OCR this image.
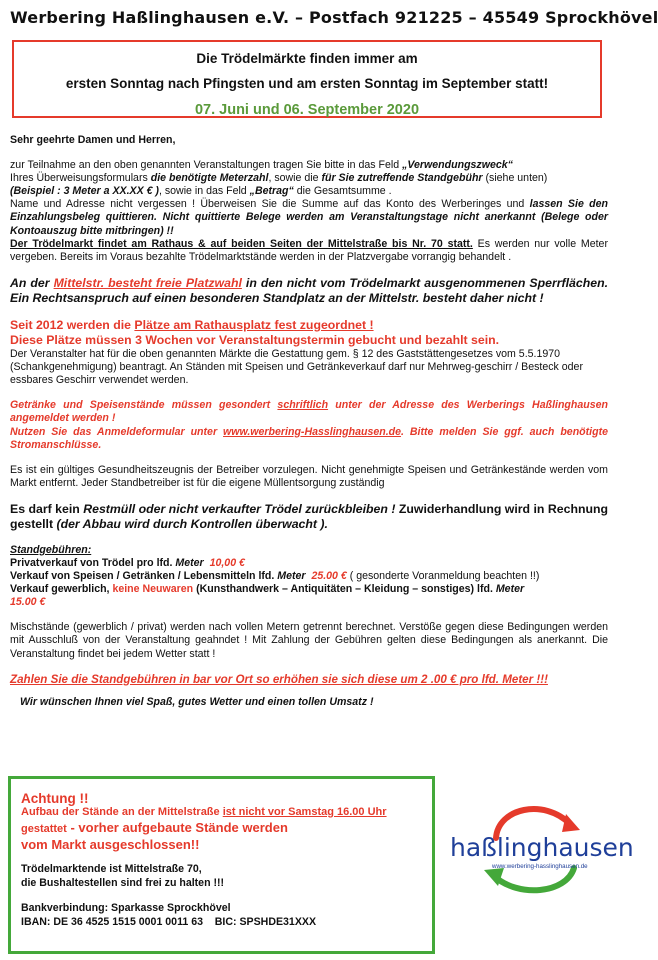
Werbering Haßlinghausen e.V. – Postfach 921225 – 45549 Sprockhövel
Die Trödelmärkte finden immer am
ersten Sonntag nach Pfingsten und am ersten Sonntag im September statt!
07. Juni und 06. September 2020

Sehr geehrte Damen und Herren,

zur Teilnahme an den oben genannten Veranstaltungen tragen Sie bitte in das Feld „Verwendungszweck“
Ihres Überweisungsformulars die benötigte Meterzahl, sowie die für Sie zutreffende Standgebühr (siehe unten)
(Beispiel : 3 Meter a XX.XX € ), sowie in das Feld „Betrag“ die Gesamtsumme .
Name und Adresse nicht vergessen ! Überweisen Sie die Summe auf das Konto des Werberinges und lassen Sie den Einzahlungsbeleg quittieren. Nicht quittierte Belege werden am Veranstaltungstage nicht anerkannt (Belege oder Kontoauszug bitte mitbringen) !!
Der Trödelmarkt findet am Rathaus & auf beiden Seiten der Mittelstraße bis Nr. 70 statt. Es werden nur volle Meter vergeben. Bereits im Voraus bezahlte Trödelmarktstände werden in der Platzvergabe vorrangig behandelt .

An der Mittelstr. besteht freie Platzwahl in den nicht vom Trödelmarkt ausgenommenen Sperrflächen. Ein Rechtsanspruch auf einen besonderen Standplatz an der Mittelstr. besteht daher nicht !

Seit 2012 werden die Plätze am Rathausplatz fest zugeordnet !
Diese Plätze müssen 3 Wochen vor Veranstaltungstermin gebucht und bezahlt sein.
Der Veranstalter hat für die oben genannten Märkte die Gestattung gem. § 12 des Gaststättengesetzes vom 5.5.1970 (Schankgenehmigung) beantragt. An Ständen mit Speisen und Getränkeverkauf darf nur Mehrweg-geschirr / Besteck oder essbares Geschirr verwendet werden.

Getränke und Speisenstände müssen gesondert schriftlich unter der Adresse des Werberings Haßlinghausen angemeldet werden !
Nutzen Sie das Anmeldeformular unter www.werbering-Hasslinghausen.de. Bitte melden Sie ggf. auch benötigte Stromanschlüsse.

Es ist ein gültiges Gesundheitszeugnis der Betreiber vorzulegen. Nicht genehmigte Speisen und Getränkestände werden vom Markt entfernt. Jeder Standbetreiber ist für die eigene Müllentsorgung zuständig

Es darf kein Restmüll oder nicht verkaufter Trödel zurückbleiben ! Zuwiderhandlung wird in Rechnung gestellt (der Abbau wird durch Kontrollen überwacht ).

Standgebühren:
Privatverkauf von Trödel pro lfd. Meter 10,00 €
Verkauf von Speisen / Getränken / Lebensmitteln lfd. Meter 25.00 € ( gesonderte Voranmeldung beachten !!)
Verkauf gewerblich, keine Neuwaren (Kunsthandwerk – Antiquitäten – Kleidung – sonstiges) lfd. Meter
15.00 €

Mischstände (gewerblich / privat) werden nach vollen Metern getrennt berechnet. Verstöße gegen diese Bedingungen werden mit Ausschluß von der Veranstaltung geahndet ! Mit Zahlung der Gebühren gelten diese Bedingungen als anerkannt. Die Veranstaltung findet bei jedem Wetter statt !

Zahlen Sie die Standgebühren in bar vor Ort so erhöhen sie sich diese um 2 .00 € pro lfd. Meter !!!

Wir wünschen Ihnen viel Spaß, gutes Wetter und einen tollen Umsatz !

Achtung !!
Aufbau der Stände an der Mittelstraße ist nicht vor Samstag 16.00 Uhr
gestattet - vorher aufgebaute Stände werden
vom Markt ausgeschlossen!!
Trödelmarktende ist Mittelstraße 70,
die Bushaltestellen sind frei zu halten !!!
Bankverbindung: Sparkasse Sprockhövel
IBAN: DE 36 4525 1515 0001 0011 63    BIC: SPSHDE31XXX
haßlinghausen
www.werbering-hasslinghausen.de
